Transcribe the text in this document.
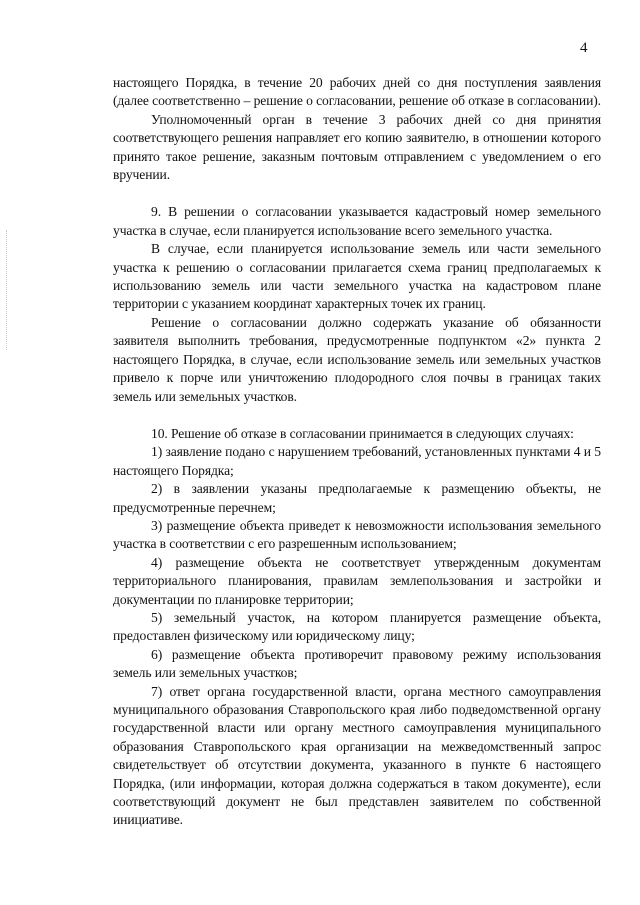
4

настоящего Порядка, в течение 20 рабочих дней со дня поступления заявления (далее соответственно – решение о согласовании, решение об отказе в согласовании).

Уполномоченный орган в течение 3 рабочих дней со дня принятия соответствующего решения направляет его копию заявителю, в отношении которого принято такое решение, заказным почтовым отправлением с уведомлением о его вручении.

9. В решении о согласовании указывается кадастровый номер земельного участка в случае, если планируется использование всего земельного участка.

В случае, если планируется использование земель или части земельного участка к решению о согласовании прилагается схема границ предполагаемых к использованию земель или части земельного участка на кадастровом плане территории с указанием координат характерных точек их границ.

Решение о согласовании должно содержать указание об обязанности заявителя выполнить требования, предусмотренные подпунктом «2» пункта 2 настоящего Порядка, в случае, если использование земель или земельных участков привело к порче или уничтожению плодородного слоя почвы в границах таких земель или земельных участков.

10. Решение об отказе в согласовании принимается в следующих случаях:

1) заявление подано с нарушением требований, установленных пунктами 4 и 5 настоящего Порядка;

2) в заявлении указаны предполагаемые к размещению объекты, не предусмотренные перечнем;

3) размещение объекта приведет к невозможности использования земельного участка в соответствии с его разрешенным использованием;

4) размещение объекта не соответствует утвержденным документам территориального планирования, правилам землепользования и застройки и документации по планировке территории;

5) земельный участок, на котором планируется размещение объекта, предоставлен физическому или юридическому лицу;

6) размещение объекта противоречит правовому режиму использования земель или земельных участков;

7) ответ органа государственной власти, органа местного самоуправления муниципального образования Ставропольского края либо подведомственной органу государственной власти или органу местного самоуправления муниципального образования Ставропольского края организации на межведомственный запрос свидетельствует об отсутствии документа, указанного в пункте 6 настоящего Порядка, (или информации, которая должна содержаться в таком документе), если соответствующий документ не был представлен заявителем по собственной инициативе.
